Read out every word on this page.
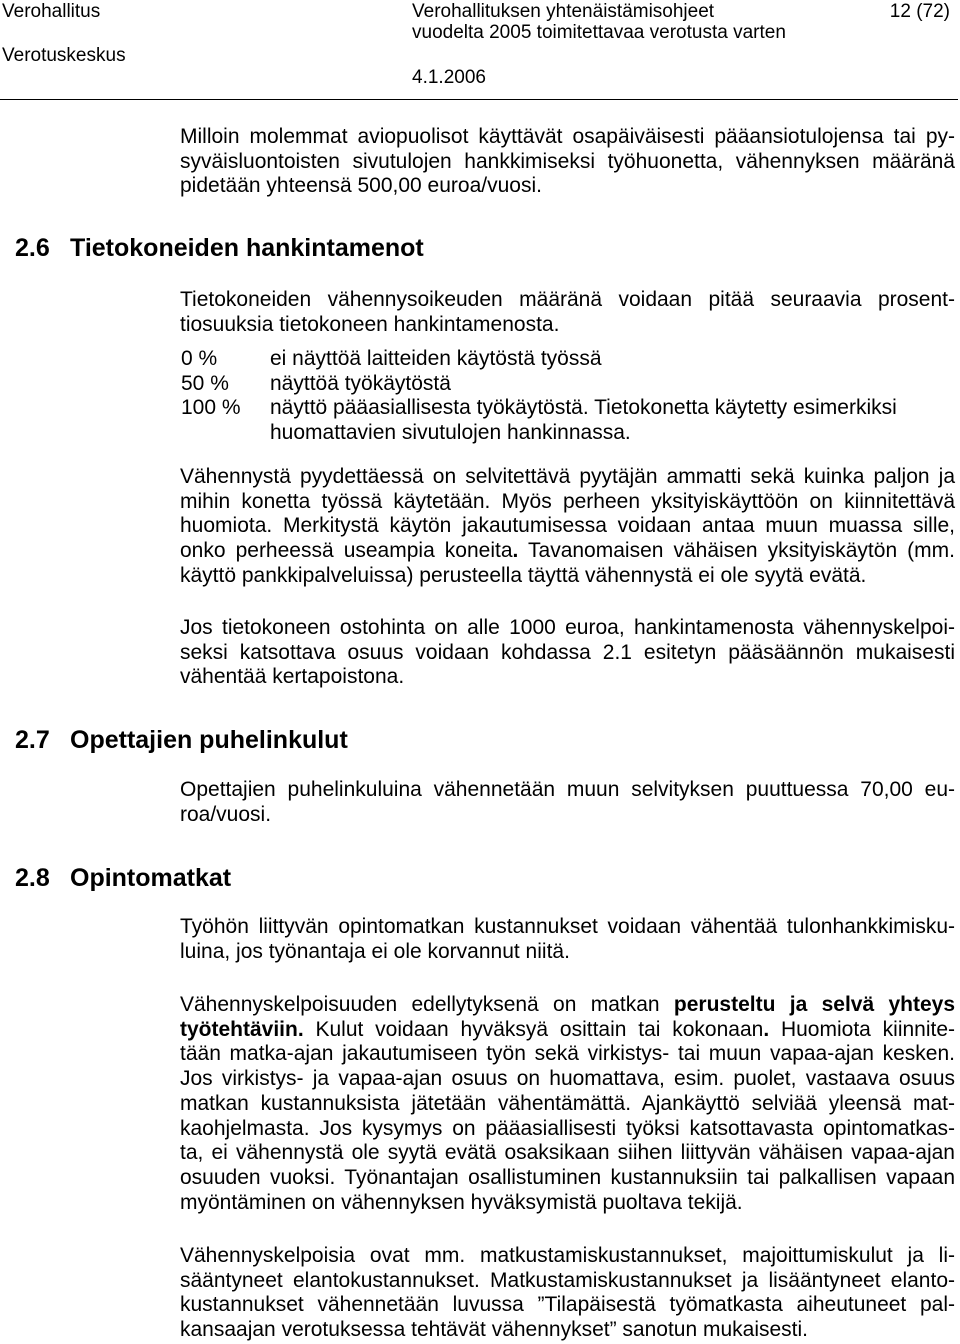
Verohallitus
Verotuskeskus
Verohallituksen yhtenäistämisohjeet
vuodelta 2005 toimitettavaa verotusta varten
4.1.2006
12 (72)
Milloin molemmat aviopuolisot käyttävät osapäiväisesti pääansiotulojensa tai py-
syväisluontoisten sivutulojen hankkimiseksi työhuonetta, vähennyksen määränä
pidetään yhteensä 500,00 euroa/vuosi.
2.6 Tietokoneiden hankintamenot
Tietokoneiden vähennysoikeuden määränä voidaan pitää seuraavia prosent-
tiosuuksia tietokoneen hankintamenosta.
0 %	ei näyttöä laitteiden käytöstä työssä
50 % näyttöä työkäytöstä
100 % näyttö pääasiallisesta työkäytöstä. Tietokonetta käytetty esimerkiksi
huomattavien sivutulojen hankinnassa.
Vähennystä pyydettäessä on selvitettävä pyytäjän ammatti sekä kuinka paljon ja
mihin konetta työssä käytetään. Myös perheen yksityiskäyttöön on kiinnitettävä
huomiota. Merkitystä käytön jakautumisessa voidaan antaa muun muassa sille,
onko perheessä useampia koneita. Tavanomaisen vähäisen yksityiskäytön (mm.
käyttö pankkipalveluissa) perusteella täyttä vähennystä ei ole syytä evätä.
Jos tietokoneen ostohinta on alle 1000 euroa, hankintamenosta vähennyskelpoi-
seksi katsottava osuus voidaan kohdassa 2.1 esitetyn pääsäännön mukaisesti
vähentää kertapoistona.
2.7 Opettajien puhelinkulut
Opettajien puhelinkuluina vähennetään muun selvityksen puuttuessa 70,00 eu-
roa/vuosi.
2.8 Opintomatkat
Työhön liittyvän opintomatkan kustannukset voidaan vähentää tulonhankkimisku-
luina, jos työnantaja ei ole korvannut niitä.
Vähennyskelpoisuuden edellytyksenä on matkan perusteltu ja selvä yhteys
työtehtäviin. Kulut voidaan hyväksyä osittain tai kokonaan. Huomiota kiinnite-
tään matka-ajan jakautumiseen työn sekä virkistys- tai muun vapaa-ajan kesken.
Jos virkistys- ja vapaa-ajan osuus on huomattava, esim. puolet, vastaava osuus
matkan kustannuksista jätetään vähentämättä. Ajankäyttö selviää yleensä mat-
kaohjelmasta. Jos kysymys on pääasiallisesti työksi katsottavasta opintomatkas-
ta, ei vähennystä ole syytä evätä osaksikaan siihen liittyvän vähäisen vapaa-ajan
osuuden vuoksi. Työnantajan osallistuminen kustannuksiin tai palkallisen vapaan
myöntäminen on vähennyksen hyväksymistä puoltava tekijä.
Vähennyskelpoisia ovat mm. matkustamiskustannukset, majoittumiskulut ja li-
sääntyneet elantokustannukset. Matkustamiskustannukset ja lisääntyneet elanto-
kustannukset vähennetään luvussa ”Tilapäisestä työmatkasta aiheutuneet pal-
kansaajan verotuksessa tehtävät vähennykset” sanotun mukaisesti.
